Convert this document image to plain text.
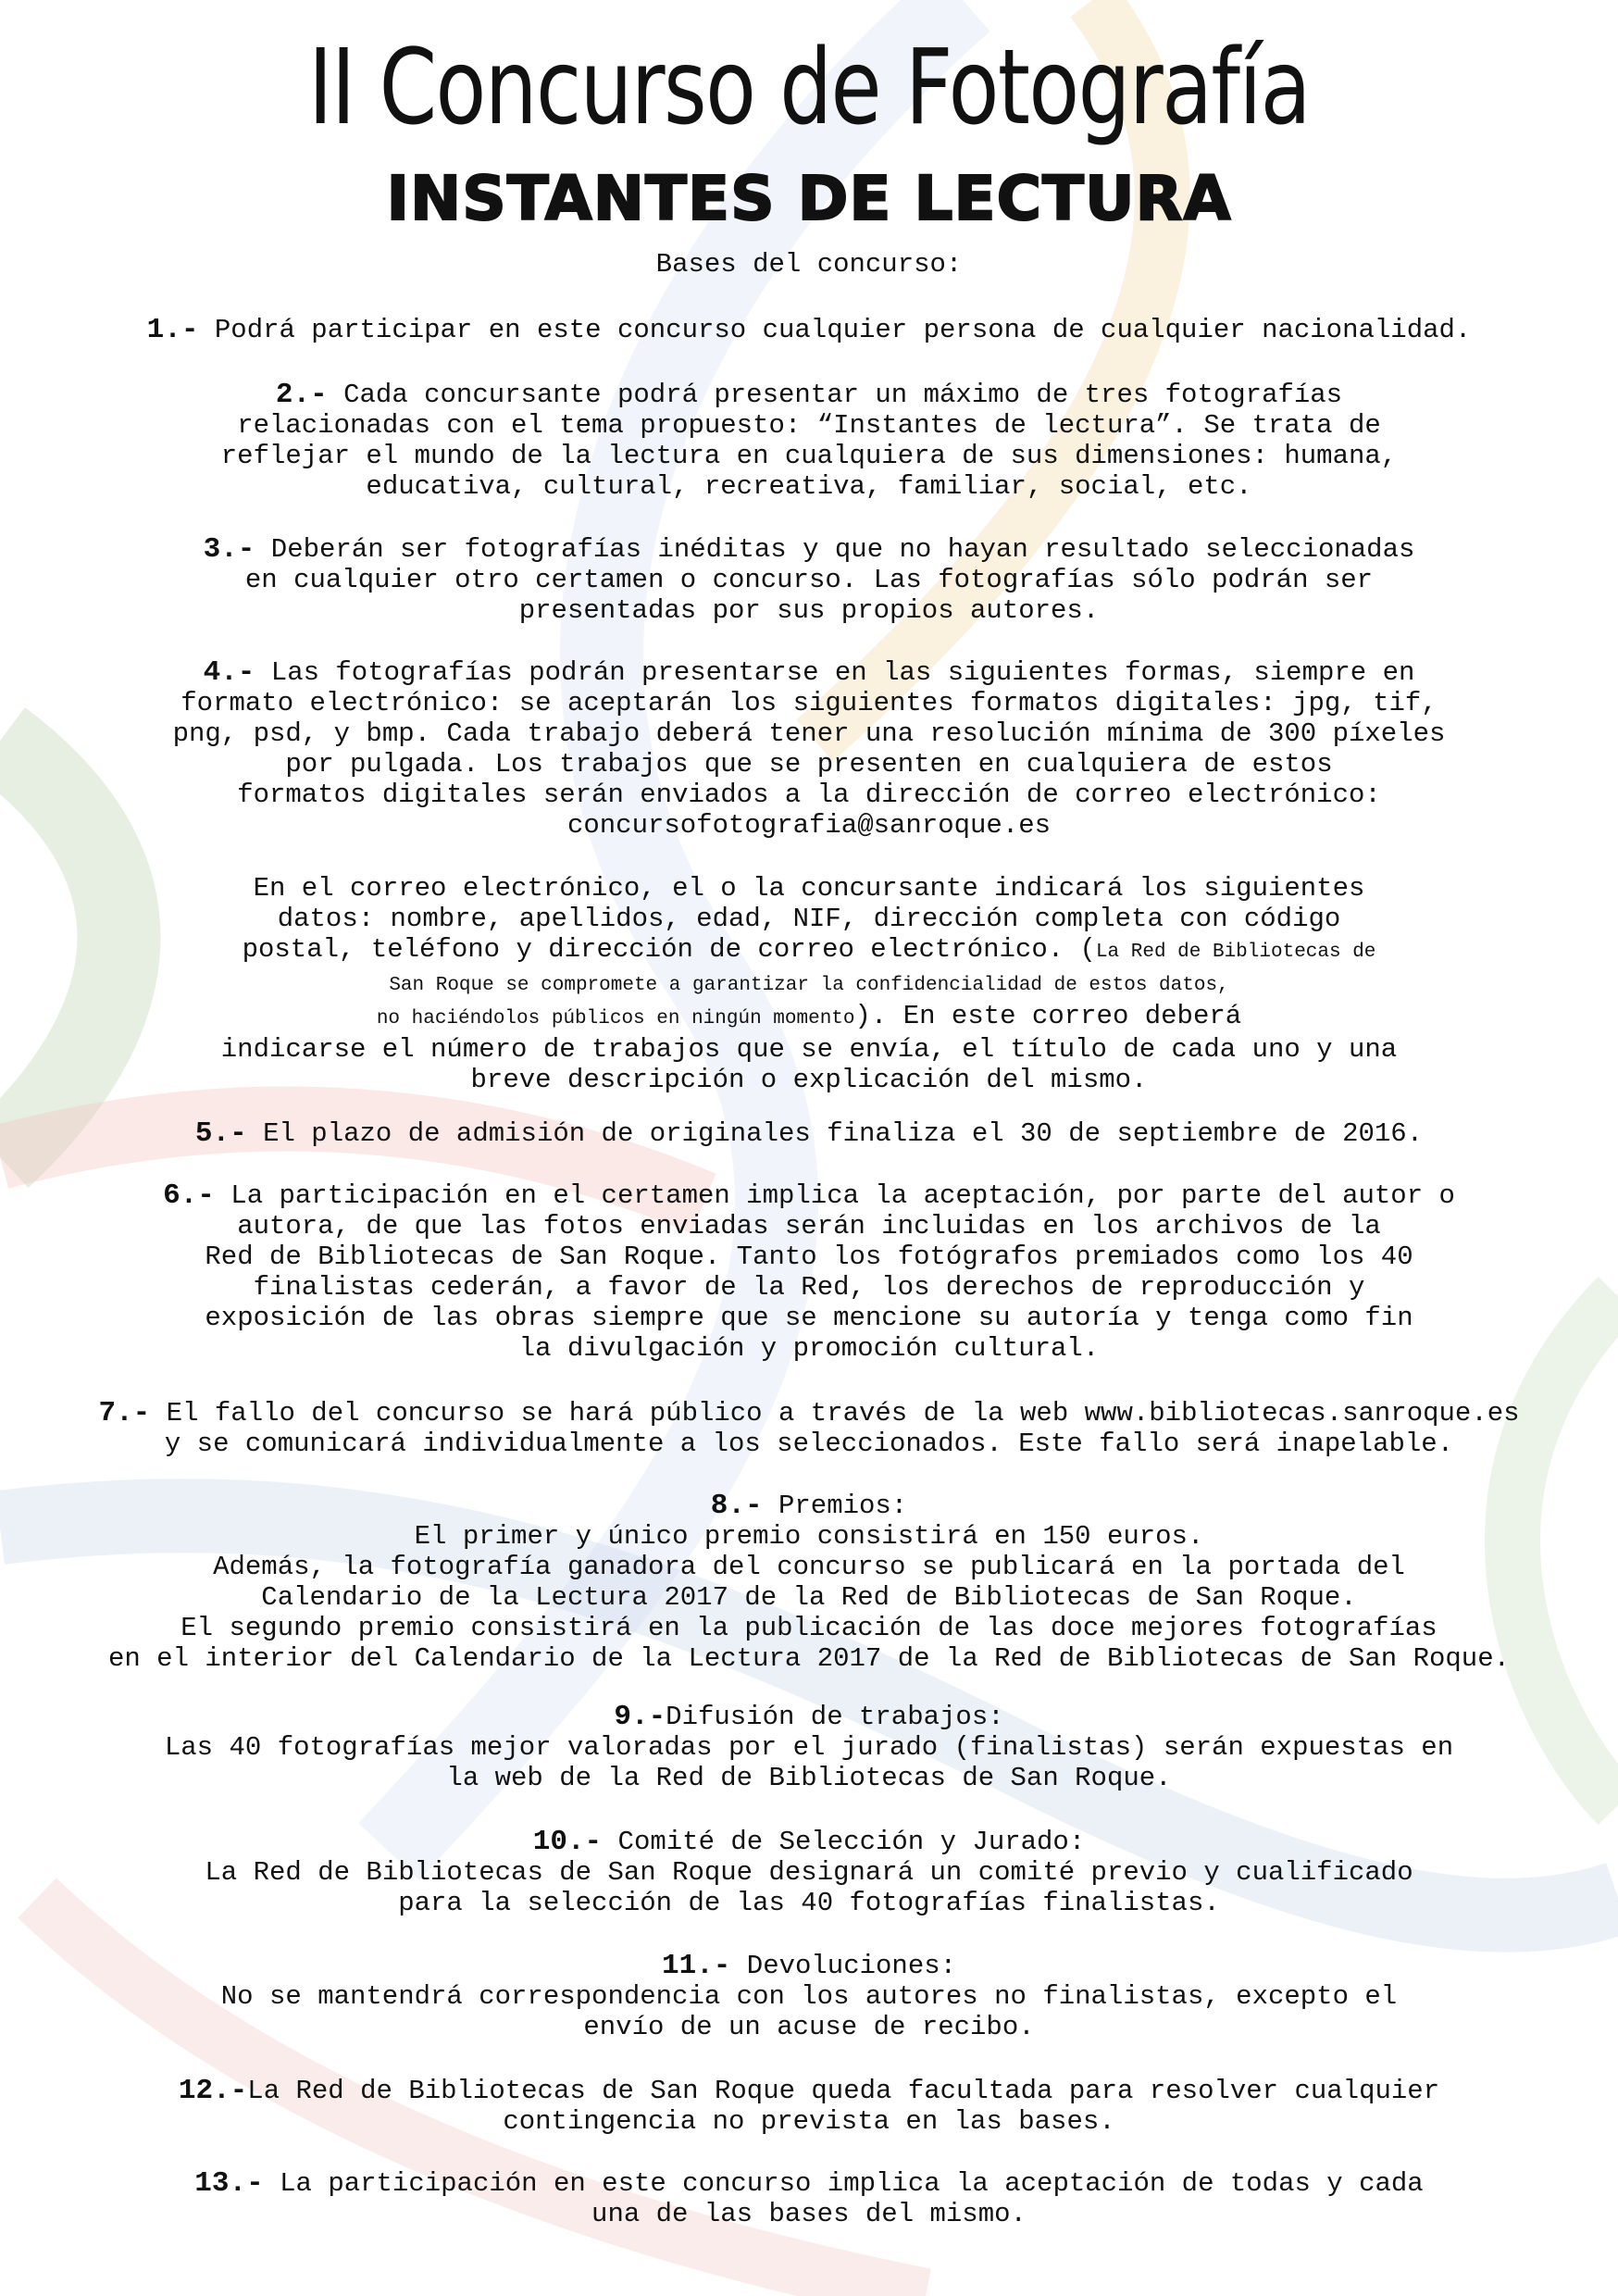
II Concurso de Fotografía
INSTANTES DE LECTURA
Bases del concurso:
1.- Podrá participar en este concurso cualquier persona de cualquier nacionalidad.
2.- Cada concursante podrá presentar un máximo de tres fotografías
relacionadas con el tema propuesto: “Instantes de lectura”. Se trata de
reflejar el mundo de la lectura en cualquiera de sus dimensiones: humana,
educativa, cultural, recreativa, familiar, social, etc.
3.- Deberán ser fotografías inéditas y que no hayan resultado seleccionadas
en cualquier otro certamen o concurso. Las fotografías sólo podrán ser
presentadas por sus propios autores.
4.- Las fotografías podrán presentarse en las siguientes formas, siempre en
formato electrónico: se aceptarán los siguientes formatos digitales: jpg, tif,
png, psd, y bmp. Cada trabajo deberá tener una resolución mínima de 300 píxeles
por pulgada. Los trabajos que se presenten en cualquiera de estos
formatos digitales serán enviados a la dirección de correo electrónico:
concursofotografia@sanroque.es
En el correo electrónico, el o la concursante indicará los siguientes
datos: nombre, apellidos, edad, NIF, dirección completa con código
postal, teléfono y dirección de correo electrónico. (La Red de Bibliotecas de
San Roque se compromete a garantizar la confidencialidad de estos datos,
no haciéndolos públicos en ningún momento). En este correo deberá
indicarse el número de trabajos que se envía, el título de cada uno y una
breve descripción o explicación del mismo.
5.- El plazo de admisión de originales finaliza el 30 de septiembre de 2016.
6.- La participación en el certamen implica la aceptación, por parte del autor o
autora, de que las fotos enviadas serán incluidas en los archivos de la
Red de Bibliotecas de San Roque. Tanto los fotógrafos premiados como los 40
finalistas cederán, a favor de la Red, los derechos de reproducción y
exposición de las obras siempre que se mencione su autoría y tenga como fin
la divulgación y promoción cultural.
7.- El fallo del concurso se hará público a través de la web www.bibliotecas.sanroque.es
y se comunicará individualmente a los seleccionados. Este fallo será inapelable.
8.- Premios:
El primer y único premio consistirá en 150 euros.
Además, la fotografía ganadora del concurso se publicará en la portada del
Calendario de la Lectura 2017 de la Red de Bibliotecas de San Roque.
El segundo premio consistirá en la publicación de las doce mejores fotografías
en el interior del Calendario de la Lectura 2017 de la Red de Bibliotecas de San Roque.
9.-Difusión de trabajos:
Las 40 fotografías mejor valoradas por el jurado (finalistas) serán expuestas en
la web de la Red de Bibliotecas de San Roque.
10.- Comité de Selección y Jurado:
La Red de Bibliotecas de San Roque designará un comité previo y cualificado
para la selección de las 40 fotografías finalistas.
11.- Devoluciones:
No se mantendrá correspondencia con los autores no finalistas, excepto el
envío de un acuse de recibo.
12.-La Red de Bibliotecas de San Roque queda facultada para resolver cualquier
contingencia no prevista en las bases.
13.- La participación en este concurso implica la aceptación de todas y cada
una de las bases del mismo.
